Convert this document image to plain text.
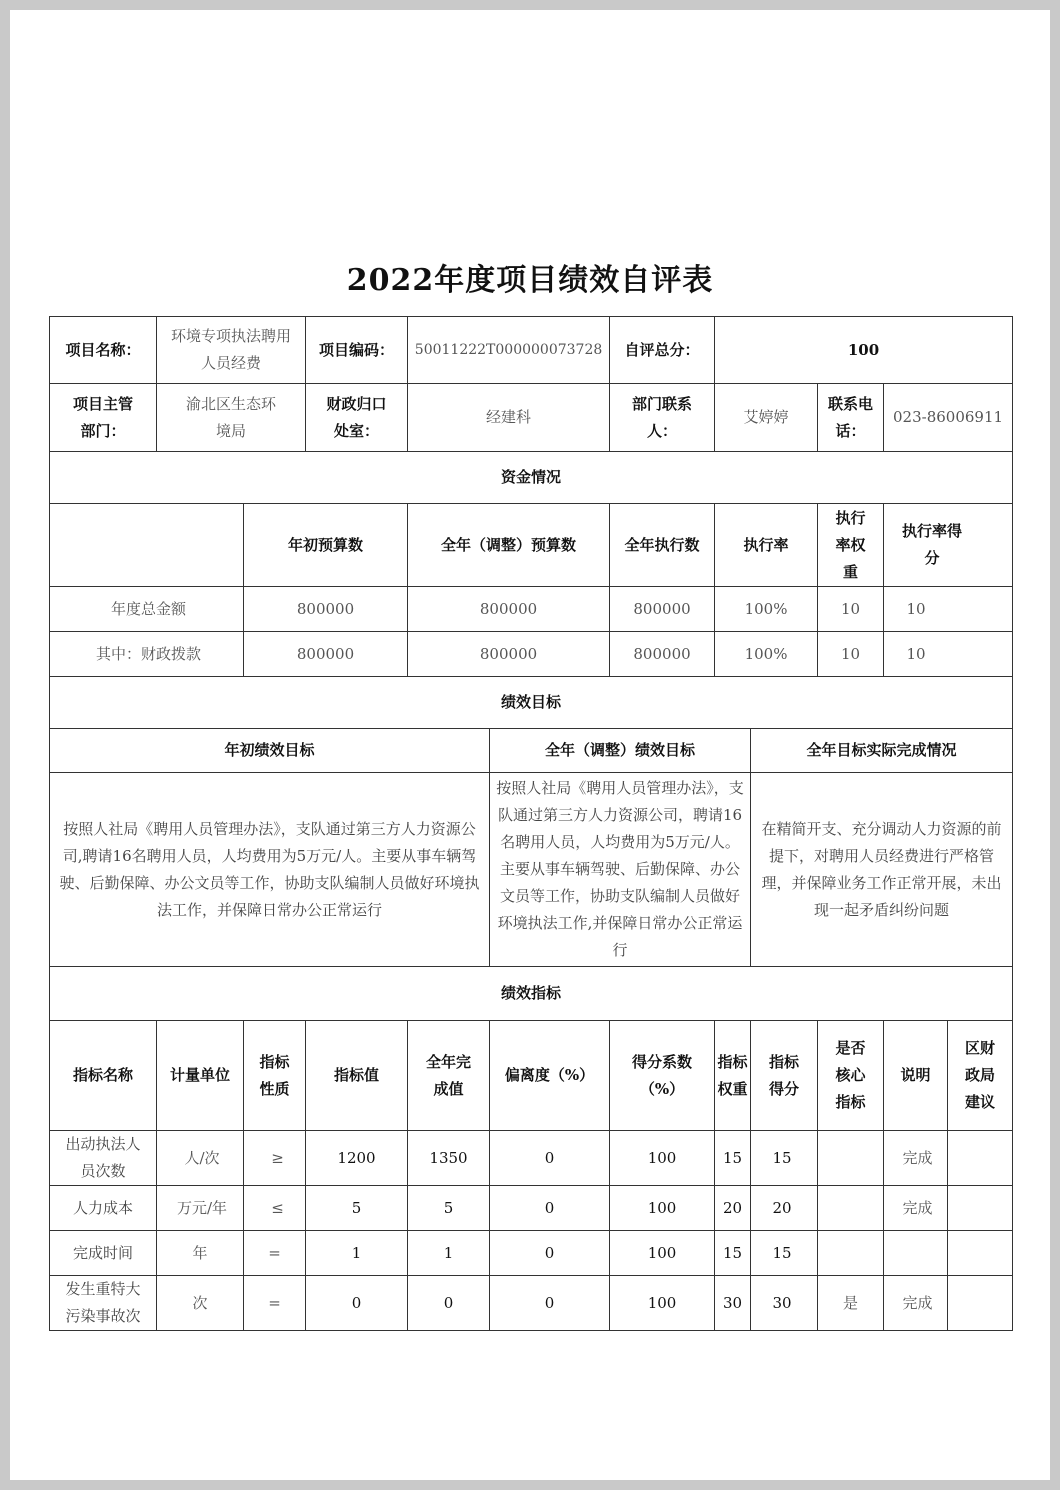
2022年度项目绩效自评表
项目名称：	环境专项执法聘用人员经费		项目编码：	50011222T000000073728		自评总分：	100				
项目主管部门：	渝北区生态环境局		财政归口处室：	经建科		部门联系人：	艾婷婷		联系电话：	023-86006911	
资金情况											
		年初预算数		全年（调整）预算数		全年执行数	执行率		执行率权重	执行率得分	
年度总金额		800000		800000		800000	100%		10	10	
其中：财政拨款		800000		800000		800000	100%		10	10	
绩效目标											
年初绩效目标					全年（调整）绩效目标			全年目标实际完成情况			
按照人社局《聘用人员管理办法》，支队通过第三方人力资源公司,聘请16名聘用人员，人均费用为5万元/人。主要从事车辆驾驶、后勤保障、办公文员等工作，协助支队编制人员做好环境执法工作，并保障日常办公正常运行					按照人社局《聘用人员管理办法》，支队通过第三方人力资源公司，聘请16名聘用人员，人均费用为5万元/人。主要从事车辆驾驶、后勤保障、办公文员等工作，协助支队编制人员做好环境执法工作,并保障日常办公正常运行			在精简开支、充分调动人力资源的前提下，对聘用人员经费进行严格管理，并保障业务工作正常开展，未出现一起矛盾纠纷问题			
绩效指标											
指标名称	计量单位	指标性质	指标值	全年完成值	偏离度（%）	得分系数（%）	指标权重	指标得分	是否核心指标	说明	区财政局建议
出动执法人员次数	人/次	≥	1200	1350	0	100	15	15		完成	
人力成本	万元/年	≤	5	5	0	100	20	20		完成	
完成时间	年	=	1	1	0	100	15	15			
发生重特大污染事故次	次	=	0	0	0	100	30	30	是	完成	
